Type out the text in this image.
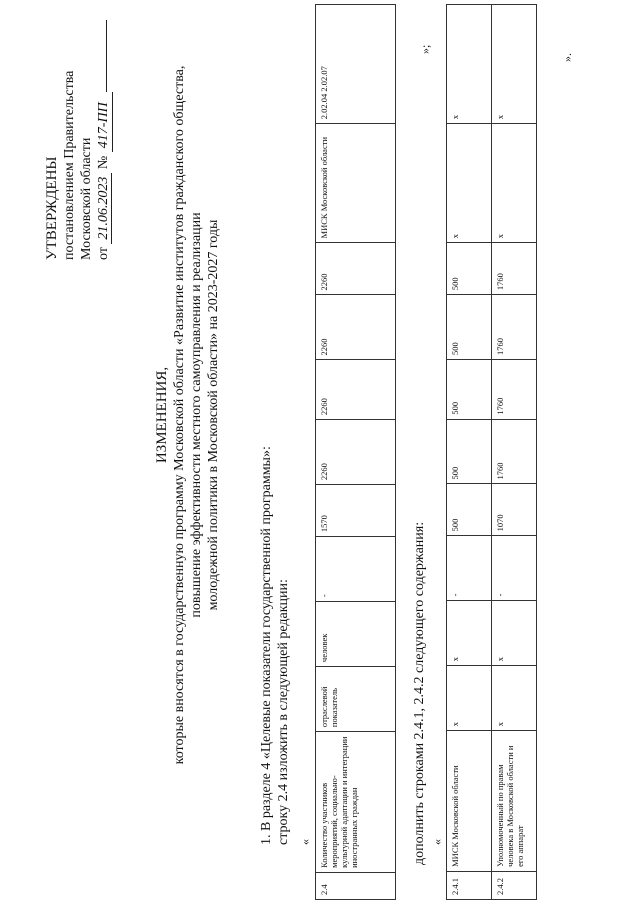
УТВЕРЖДЕНЫ постановлением Правительства Московской области от 21.06.2023 № 417-ПП
ИЗМЕНЕНИЯ, которые вносятся в государственную программу Московской области «Развитие институтов гражданского общества, повышение эффективности местного самоуправления и реализации молодежной политики в Московской области» на 2023-2027 годы
1. В разделе 4 «Целевые показатели государственной программы»: строку 2.4 изложить в следующей редакции: «
2.4	Количество участников мероприятий, социально-культурной адаптации и интеграции иностранных граждан	отраслевой показатель	человек	-	1570	2260	2260	2260	2260	МИСК Московской области	2.02.04 2.02.07
»;
дополнить строками 2.4.1, 2.4.2 следующего содержания: «
2.4.1	МИСК Московской области	х	х	-	500	500	500	500	500	х	х
2.4.2	Уполномоченный по правам человека в Московской области и его аппарат	х	х	-	1070	1760	1760	1760	1760	х	х
».
